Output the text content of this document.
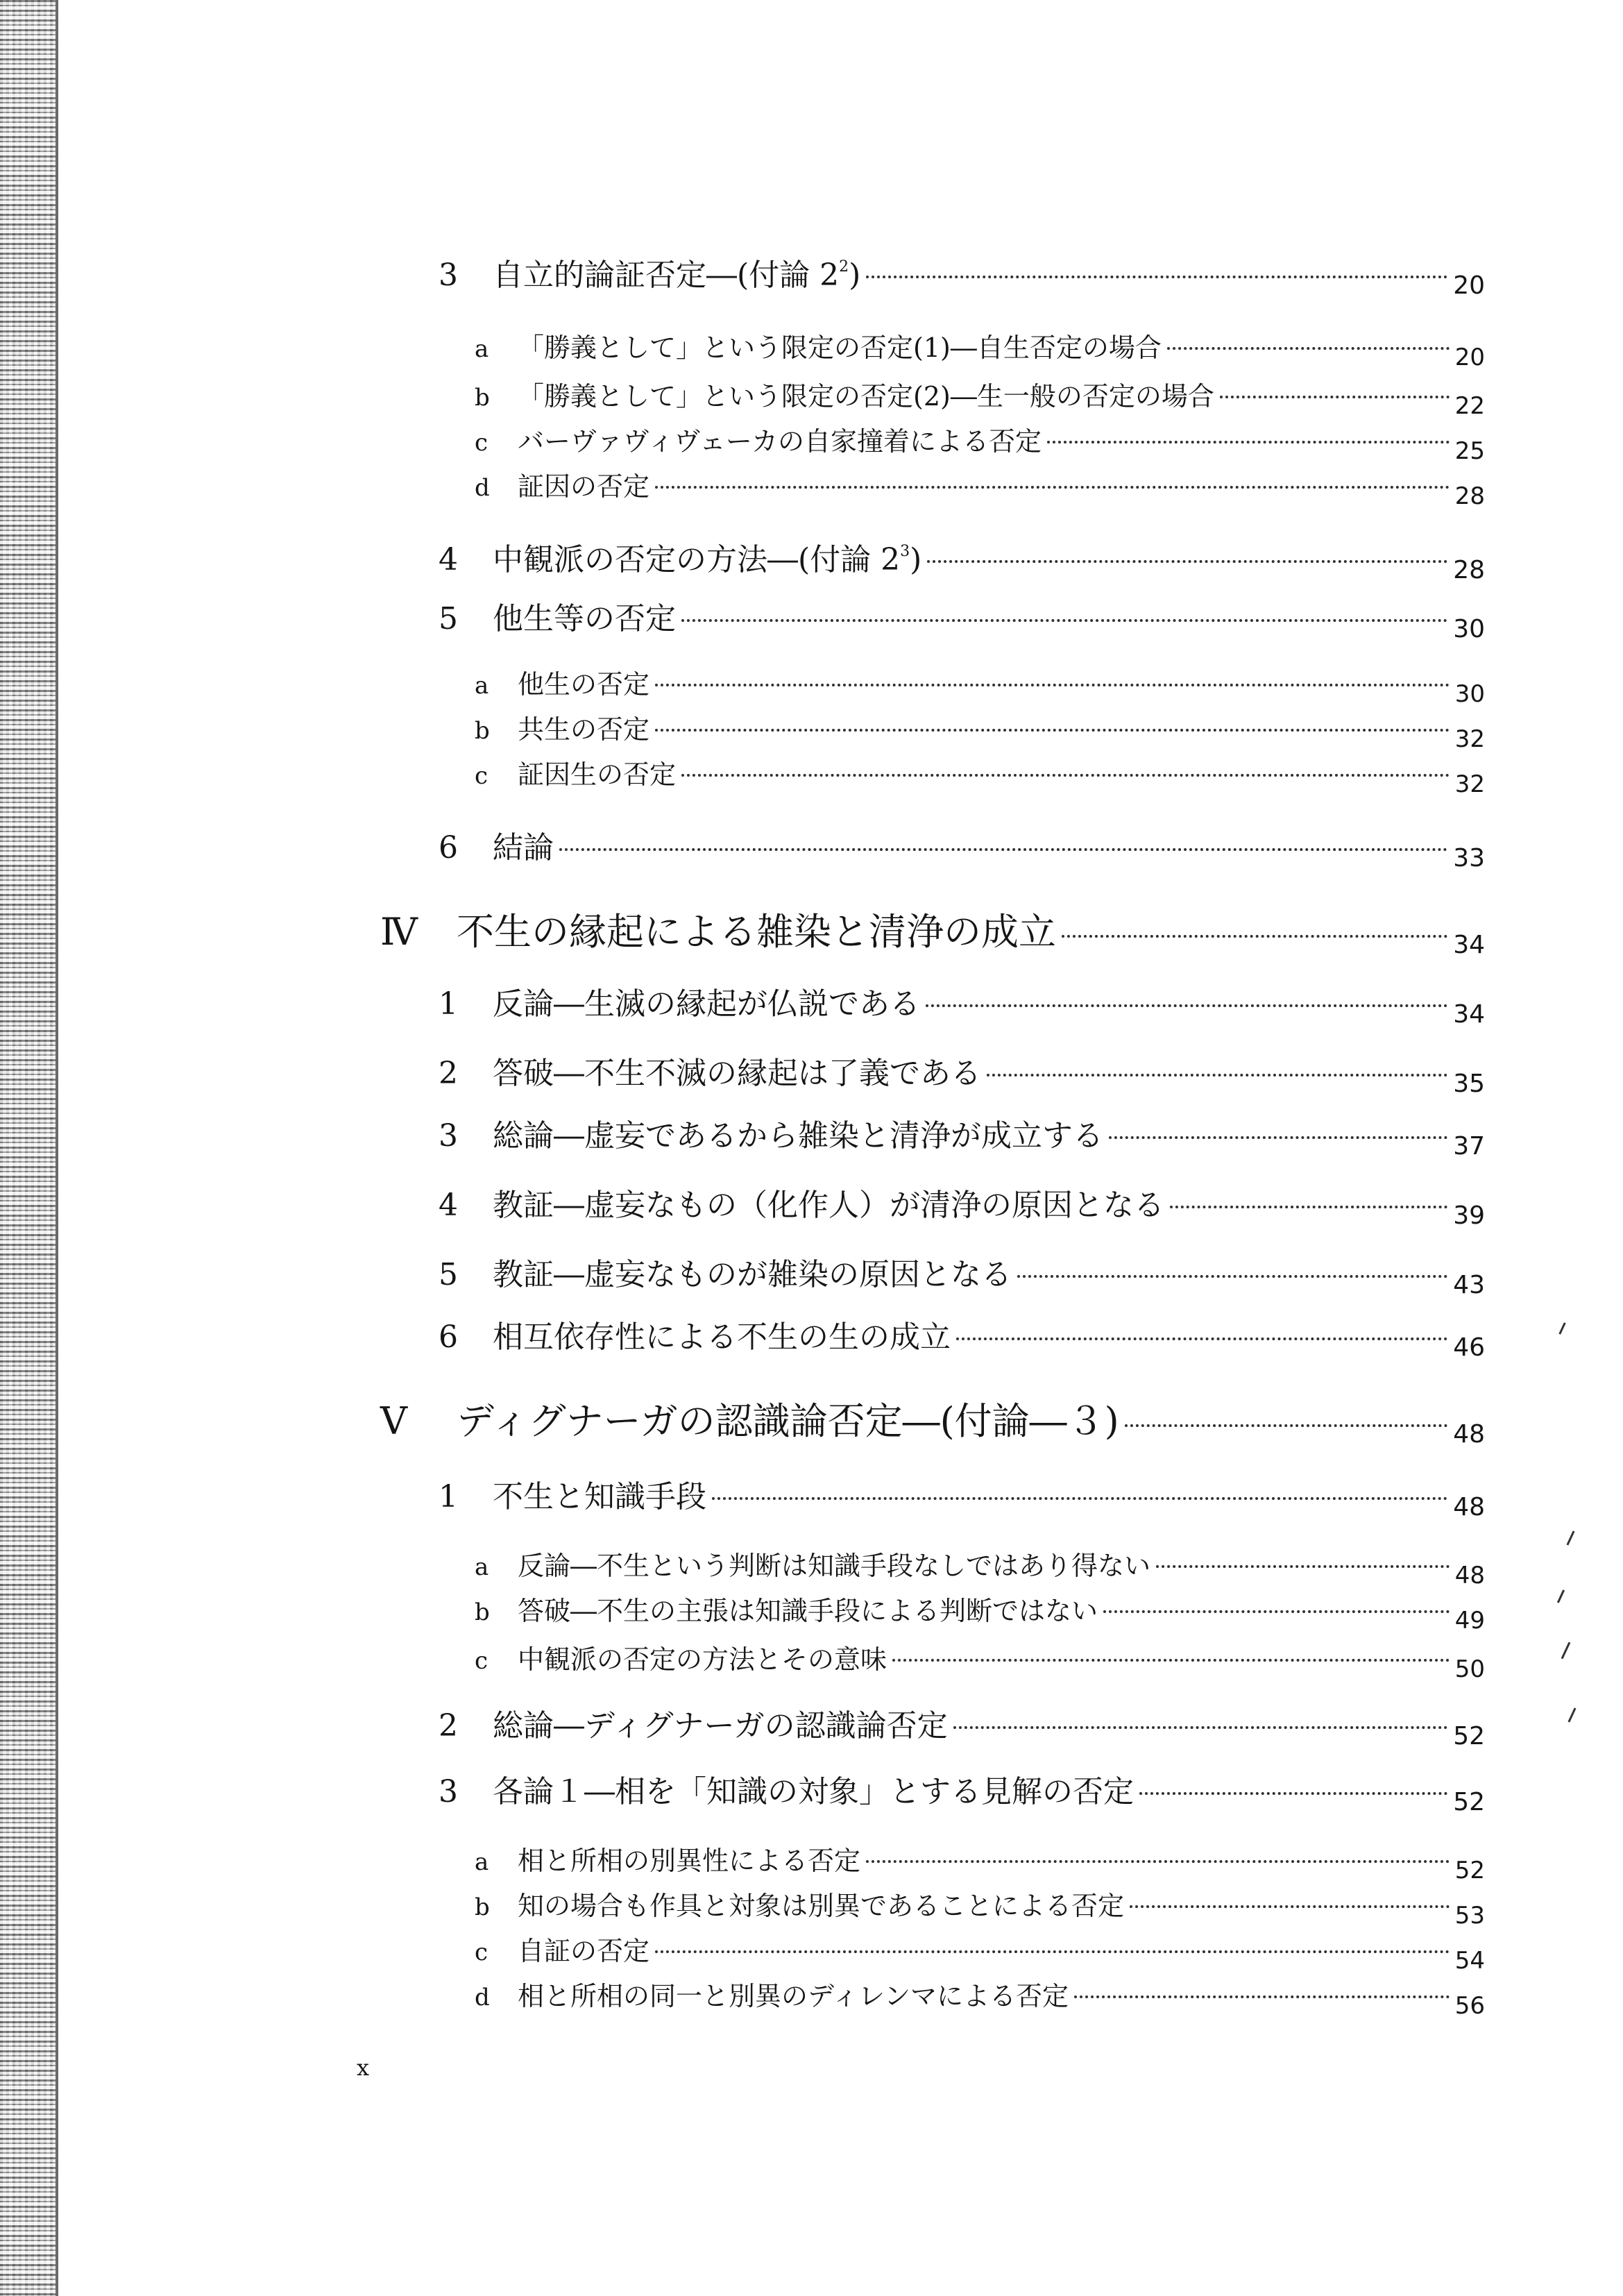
3	自立的論証否定―(付論 $2^2$)	20
a	「勝義として」という限定の否定(1)―自生否定の場合	20
b	「勝義として」という限定の否定(2)―生一般の否定の場合	22
c	バーヴァヴィヴェーカの自家撞着による否定	25
d	証因の否定	28
4	中観派の否定の方法―(付論 $2^3$)	28
5	他生等の否定	30
a	他生の否定	30
b	共生の否定	32
c	証因生の否定	32
6	結論	33
Ⅳ	不生の縁起による雑染と清浄の成立	34
1	反論―生滅の縁起が仏説である	34
2	答破―不生不滅の縁起は了義である	35
3	総論―虚妄であるから雑染と清浄が成立する	37
4	教証―虚妄なもの（化作人）が清浄の原因となる	39
5	教証―虚妄なものが雑染の原因となる	43
6	相互依存性による不生の生の成立	46
Ⅴ	ディグナーガの認識論否定―(付論―３)	48
1	不生と知識手段	48
a	反論―不生という判断は知識手段なしではあり得ない	48
b	答破―不生の主張は知識手段による判断ではない	49
c	中観派の否定の方法とその意味	50
2	総論―ディグナーガの認識論否定	52
3	各論１―相を「知識の対象」とする見解の否定	52
a	相と所相の別異性による否定	52
b	知の場合も作具と対象は別異であることによる否定	53
c	自証の否定	54
d	相と所相の同一と別異のディレンマによる否定	56
x
